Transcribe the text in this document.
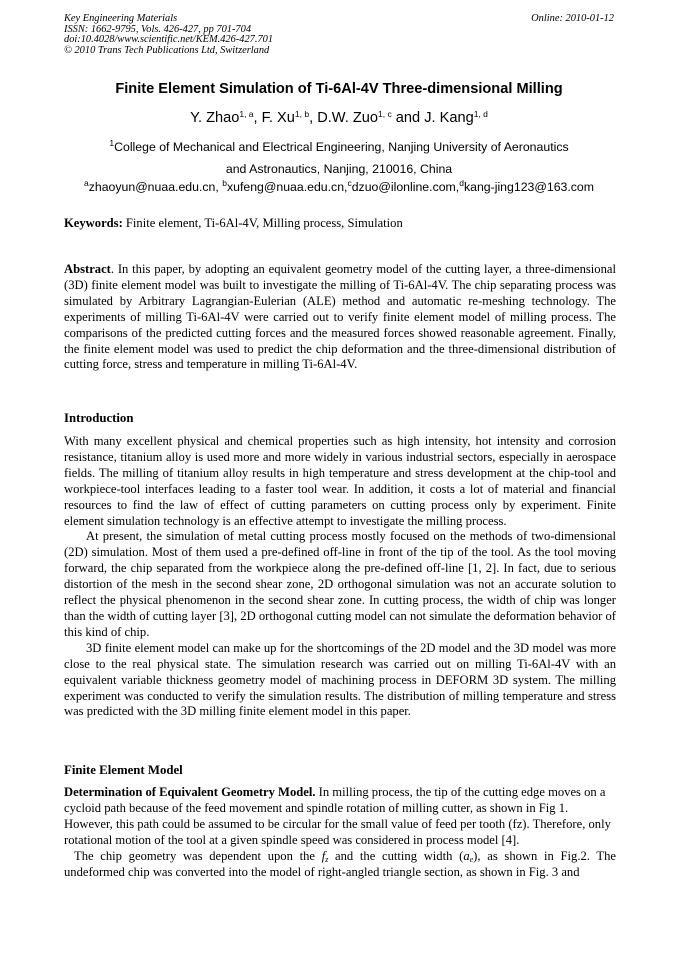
Key Engineering Materials
ISSN: 1662-9795, Vols. 426-427, pp 701-704
doi:10.4028/www.scientific.net/KEM.426-427.701
© 2010 Trans Tech Publications Ltd, Switzerland
Online: 2010-01-12
Finite Element Simulation of Ti-6Al-4V Three-dimensional Milling
Y. Zhao$^{1, a}$, F. Xu$^{1, b}$, D.W. Zuo$^{1, c}$ and J. Kang$^{1, d}$
$^1$College of Mechanical and Electrical Engineering, Nanjing University of Aeronautics
and Astronautics, Nanjing, 210016, China
$^a$zhaoyun@nuaa.edu.cn, $^b$xufeng@nuaa.edu.cn,$^c$dzuo@ilonline.com,$^d$kang-jing123@163.com

Keywords: Finite element, Ti-6Al-4V, Milling process, Simulation

Abstract. In this paper, by adopting an equivalent geometry model of the cutting layer, a three-dimensional (3D) finite element model was built to investigate the milling of Ti-6Al-4V. The chip separating process was simulated by Arbitrary Lagrangian-Eulerian (ALE) method and automatic re-meshing technology. The experiments of milling Ti-6Al-4V were carried out to verify finite element model of milling process. The comparisons of the predicted cutting forces and the measured forces showed reasonable agreement. Finally, the finite element model was used to predict the chip deformation and the three-dimensional distribution of cutting force, stress and temperature in milling Ti-6Al-4V.

Introduction

With many excellent physical and chemical properties such as high intensity, hot intensity and corrosion resistance, titanium alloy is used more and more widely in various industrial sectors, especially in aerospace fields. The milling of titanium alloy results in high temperature and stress development at the chip-tool and workpiece-tool interfaces leading to a faster tool wear. In addition, it costs a lot of material and financial resources to find the law of effect of cutting parameters on cutting process only by experiment. Finite element simulation technology is an effective attempt to investigate the milling process.

At present, the simulation of metal cutting process mostly focused on the methods of two-dimensional (2D) simulation. Most of them used a pre-defined off-line in front of the tip of the tool. As the tool moving forward, the chip separated from the workpiece along the pre-defined off-line [1, 2]. In fact, due to serious distortion of the mesh in the second shear zone, 2D orthogonal simulation was not an accurate solution to reflect the physical phenomenon in the second shear zone. In cutting process, the width of chip was longer than the width of cutting layer [3], 2D orthogonal cutting model can not simulate the deformation behavior of this kind of chip.

3D finite element model can make up for the shortcomings of the 2D model and the 3D model was more close to the real physical state. The simulation research was carried out on milling Ti-6Al-4V with an equivalent variable thickness geometry model of machining process in DEFORM 3D system. The milling experiment was conducted to verify the simulation results. The distribution of milling temperature and stress was predicted with the 3D milling finite element model in this paper.

Finite Element Model

Determination of Equivalent Geometry Model. In milling process, the tip of the cutting edge moves on a cycloid path because of the feed movement and spindle rotation of milling cutter, as shown in Fig 1. However, this path could be assumed to be circular for the small value of feed per tooth (fz). Therefore, only rotational motion of the tool at a given spindle speed was considered in process model [4].

The chip geometry was dependent upon the $f_z$ and the cutting width $(a_e)$, as shown in Fig.2. The undeformed chip was converted into the model of right-angled triangle section, as shown in Fig. 3 and
